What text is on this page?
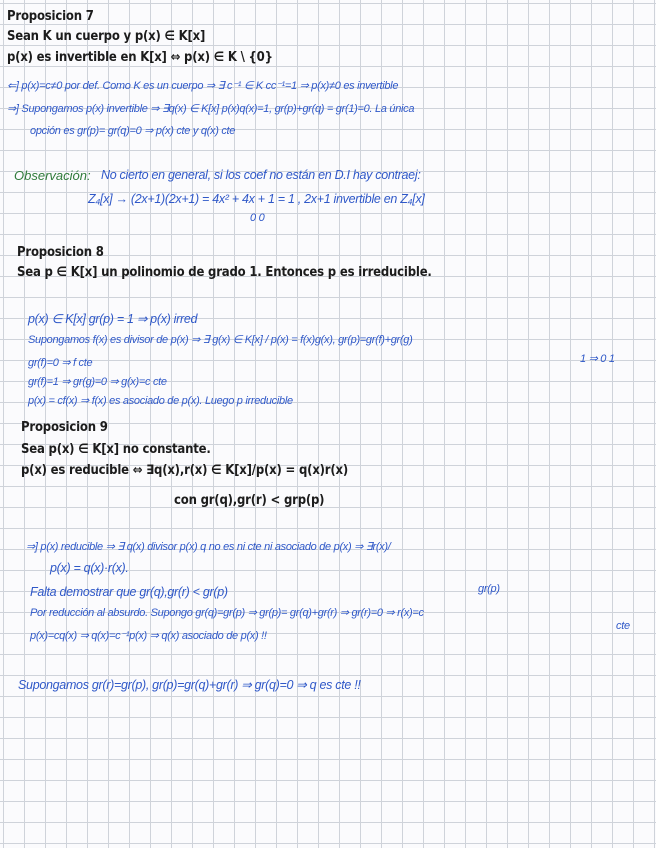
Proposicion 7
Sean K un cuerpo y p(x) ∈ K[x]
p(x) es invertible en K[x] ⇔ p(x) ∈ K \ {0}
⇐] p(x)=c≠0 por def. Como K es un cuerpo ⇒ ∃ c⁻¹ ∈ K cc⁻¹=1 ⇒ p(x)≠0 es invertible
⇒] Supongamos p(x) invertible ⇒ ∃q(x) ∈ K[x] p(x)q(x)=1, gr(p)+gr(q) = gr(1)=0. La única
opción es gr(p)= gr(q)=0 ⇒ p(x) cte y q(x) cte
Observación: No cierto en general, si los coef no están en D.I hay contraej:
Z₄[x] → (2x+1)(2x+1) = 4x² + 4x + 1 = 1 , 2x+1 invertible en Z₄[x]
0 0
Proposicion 8
Sea p ∈ K[x] un polinomio de grado 1. Entonces p es irreducible.
p(x) ∈ K[x] gr(p) = 1 ⇒ p(x) irred
Supongamos f(x) es divisor de p(x) ⇒ ∃ g(x) ∈ K[x] / p(x) = f(x)g(x), gr(p)=gr(f)+gr(g)
1 ⇒ 0 1
gr(f)=0 ⇒ f cte
gr(f)=1 ⇒ gr(g)=0 ⇒ g(x)=c cte
p(x) = cf(x) ⇒ f(x) es asociado de p(x). Luego p irreducible
Proposicion 9
Sea p(x) ∈ K[x] no constante.
p(x) es reducible ⇔ ∃q(x),r(x) ∈ K[x]/p(x) = q(x)r(x)
con gr(q),gr(r) < grp(p)
⇒] p(x) reducible ⇒ ∃ q(x) divisor p(x) q no es ni cte ni asociado de p(x) ⇒ ∃r(x)/
p(x) = q(x)·r(x).
Falta demostrar que gr(q),gr(r) < gr(p)	gr(p)
Por reducción al absurdo. Supongo gr(q)=gr(p) ⇒ gr(p)= gr(q)+gr(r) ⇒ gr(r)=0 ⇒ r(x)=c
cte
p(x)=cq(x) ⇒ q(x)=c⁻¹p(x) ⇒ q(x) asociado de p(x) !!
Supongamos gr(r)=gr(p), gr(p)=gr(q)+gr(r) ⇒ gr(q)=0 ⇒ q es cte !!
